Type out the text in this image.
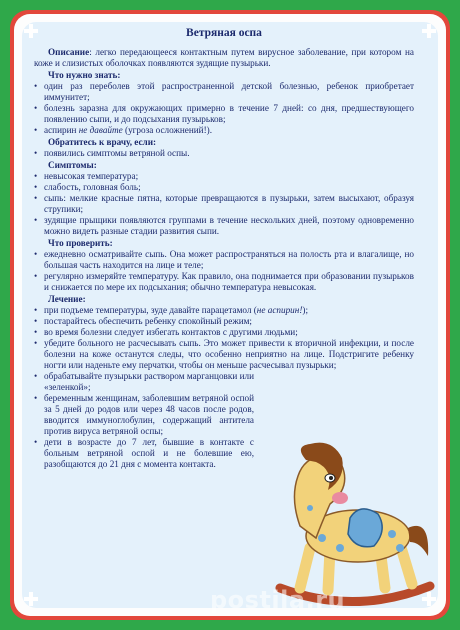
Ветряная оспа

Описание: легко передающееся контактным путем вирусное заболевание, при котором на коже и слизистых оболочках появляются зудящие пузырьки.

Что нужно знать:
• один раз переболев этой распространенной детской болезнью, ребенок приобретает иммунитет;
• болезнь заразна для окружающих примерно в течение 7 дней: со дня, предшествующего появлению сыпи, и до подсыхания пузырьков;
• аспирин не давайте (угроза осложнений!).
Обратитесь к врачу, если:
• появились симптомы ветряной оспы.
Симптомы:
• невысокая температура;
• слабость, головная боль;
• сыпь: мелкие красные пятна, которые превращаются в пузырьки, затем высыхают, образуя струпики;
• зудящие прыщики появляются группами в течение нескольких дней, поэтому одновременно можно видеть разные стадии развития сыпи.
Что проверить:
• ежедневно осматривайте сыпь. Она может распространяться на полость рта и влагалище, но большая часть находится на лице и теле;
• регулярно измеряйте температуру. Как правило, она поднимается при образовании пузырьков и снижается по мере их подсыхания; обычно температура невысокая.
Лечение:
• при подъеме температуры, зуде давайте парацетамол (не аспирин!);
• постарайтесь обеспечить ребенку спокойный режим;
• во время болезни следует избегать контактов с другими людьми;
• убедите больного не расчесывать сыпь. Это может привести к вторичной инфекции, и после болезни на коже останутся следы, что особенно неприятно на лице. Подстригите ребенку ногти или наденьте ему перчатки, чтобы он меньше расчесывал пузырьки;
• обрабатывайте пузырьки раствором марганцовки или «зеленкой»;
• беременным женщинам, заболевшим ветряной оспой за 5 дней до родов или через 48 часов после родов, вводится иммуноглобулин, содержащий антитела против вируса ветряной оспы;
• дети в возрасте до 7 лет, бывшие в контакте с больным ветряной оспой и не болевшие ею, разобщаются до 21 дня с момента контакта.
postila.ru
